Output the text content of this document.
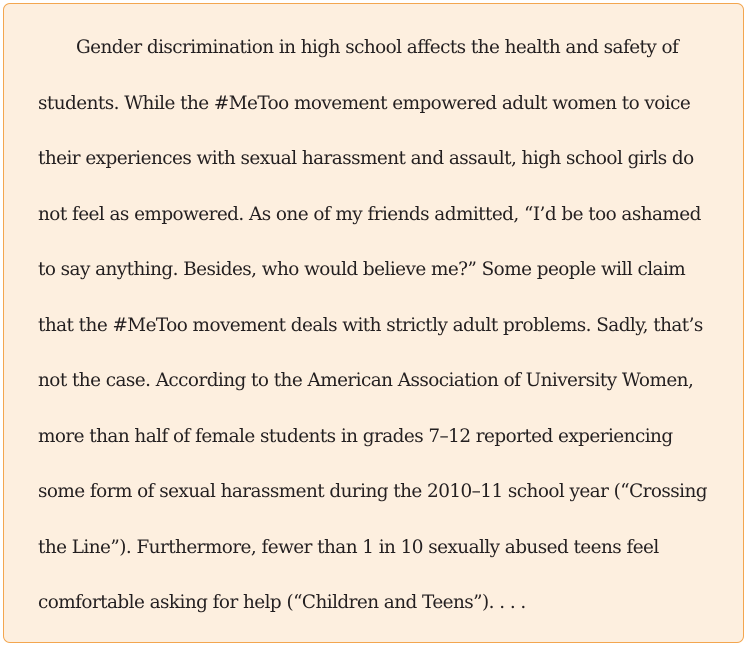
Gender discrimination in high school affects the health and safety of

students. While the #MeToo movement empowered adult women to voice

their experiences with sexual harassment and assault, high school girls do

not feel as empowered. As one of my friends admitted, “I’d be too ashamed

to say anything. Besides, who would believe me?” Some people will claim

that the #MeToo movement deals with strictly adult problems. Sadly, that’s

not the case. According to the American Association of University Women,

more than half of female students in grades 7–12 reported experiencing

some form of sexual harassment during the 2010–11 school year (“Crossing

the Line”). Furthermore, fewer than 1 in 10 sexually abused teens feel

comfortable asking for help (“Children and Teens”). . . .
